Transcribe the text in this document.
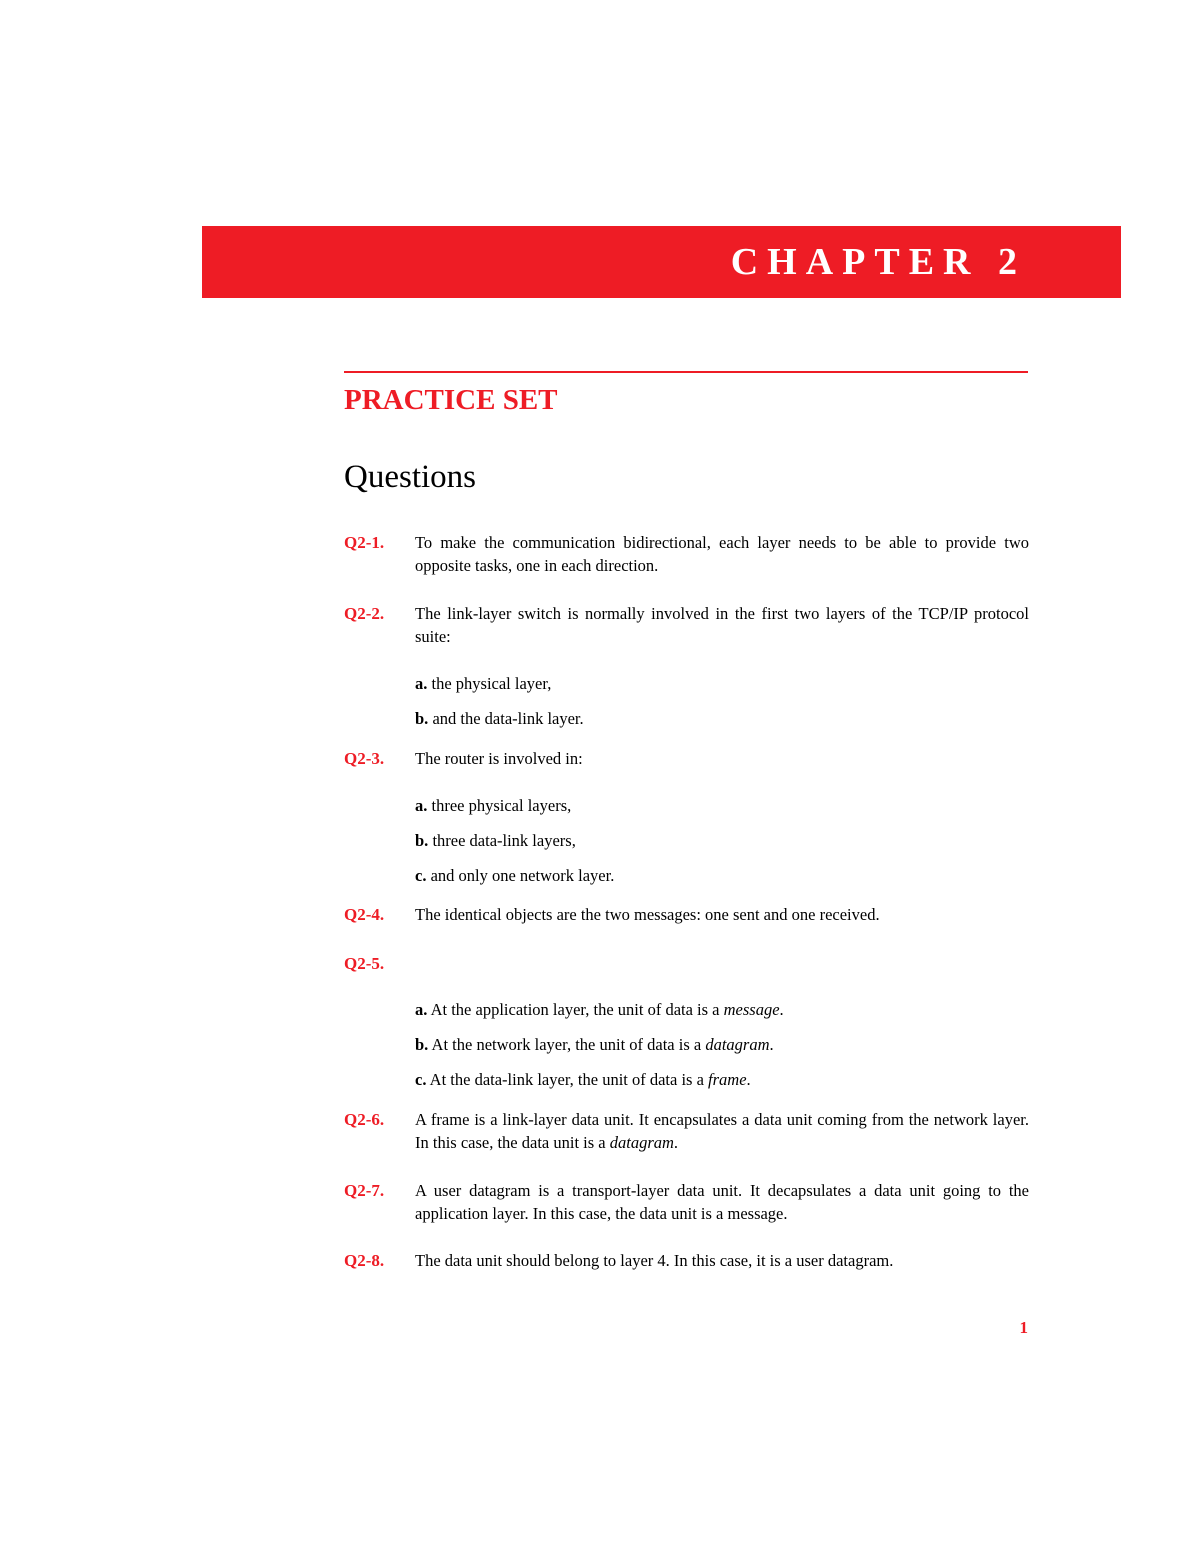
CHAPTER 2
PRACTICE SET
Questions
Q2-1. To make the communication bidirectional, each layer needs to be able to provide two opposite tasks, one in each direction.
Q2-2. The link-layer switch is normally involved in the first two layers of the TCP/IP protocol suite:
a. the physical layer,
b. and the data-link layer.
Q2-3. The router is involved in:
a. three physical layers,
b. three data-link layers,
c. and only one network layer.
Q2-4. The identical objects are the two messages: one sent and one received.
Q2-5.
a. At the application layer, the unit of data is a message.
b. At the network layer, the unit of data is a datagram.
c. At the data-link layer, the unit of data is a frame.
Q2-6. A frame is a link-layer data unit. It encapsulates a data unit coming from the network layer. In this case, the data unit is a datagram.
Q2-7. A user datagram is a transport-layer data unit. It decapsulates a data unit going to the application layer. In this case, the data unit is a message.
Q2-8. The data unit should belong to layer 4. In this case, it is a user datagram.
1
